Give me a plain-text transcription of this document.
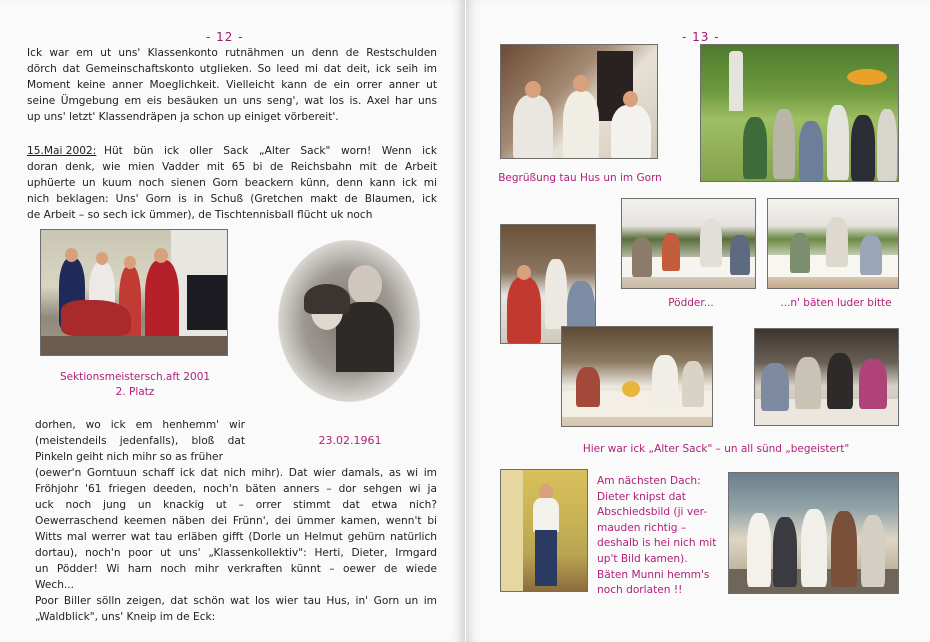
- 12 -
Ick war em ut uns' Klassenkonto rutnähmen un denn de Restschulden
dörch dat Gemeinschaftskonto utglieken. So leed mi dat deit, ick seih im
Moment keine anner Moeglichkeit. Vielleicht kann de ein orrer anner ut
seine Ümgebung em eis besäuken un uns seng', wat los is. Axel har uns
up uns' letzt' Klassendräpen ja schon up einiget vörbereit'.
15.Mai 2002: Hüt bün ick oller Sack „Alter Sack" worn! Wenn ick
doran denk, wie mien Vadder mit 65 bi de Reichsbahn mit de Arbeit
uphüerte un kuum noch sienen Gorn beackern künn, denn kann ick mi
nich beklagen: Uns' Gorn is in Schuß (Gretchen makt de Blaumen, ick
de Arbeit – so sech ick ümmer), de Tischtennisball flücht uk noch
Sektionsmeistersch.aft 2001
2. Platz
23.02.1961
dorhen, wo ick em henhemm' wir
(meistendeils jedenfalls), bloß dat
Pinkeln geiht nich mihr so as früher
(oewer'n Gorntuun schaff ick dat nich mihr). Dat wier damals, as wi im
Fröhjohr '61 friegen deeden, noch'n bäten anners – dor sehgen wi ja
uck noch jung un knackig ut – orrer stimmt dat etwa nich?
Oewerraschend keemen näben dei Frünn', dei ümmer kamen, wenn't bi
Witts mal werrer wat tau erläben gifft (Dorle un Helmut gehürn natürlich
dortau), noch'n poor ut uns' „Klassenkollektiv": Herti, Dieter, Irmgard
un Pödder! Wi harn noch mihr verkraften künnt – oewer de wiede
Wech...
Poor Biller sölln zeigen, dat schön wat los wier tau Hus, in' Gorn un im
„Waldblick", uns' Kneip im de Eck:
- 13 -
Begrüßung tau Hus un im Gorn
Pödder...	...n' bäten luder bitte
Hier war ick „Alter Sack" – un all sünd „begeistert"
Am nächsten Dach:
Dieter knipst dat
Abschiedsbild (ji ver-
mauden richtig –
deshalb is hei nich mit
up't Bild kamen).
Bäten Munni hemm's
noch dorlaten !!
